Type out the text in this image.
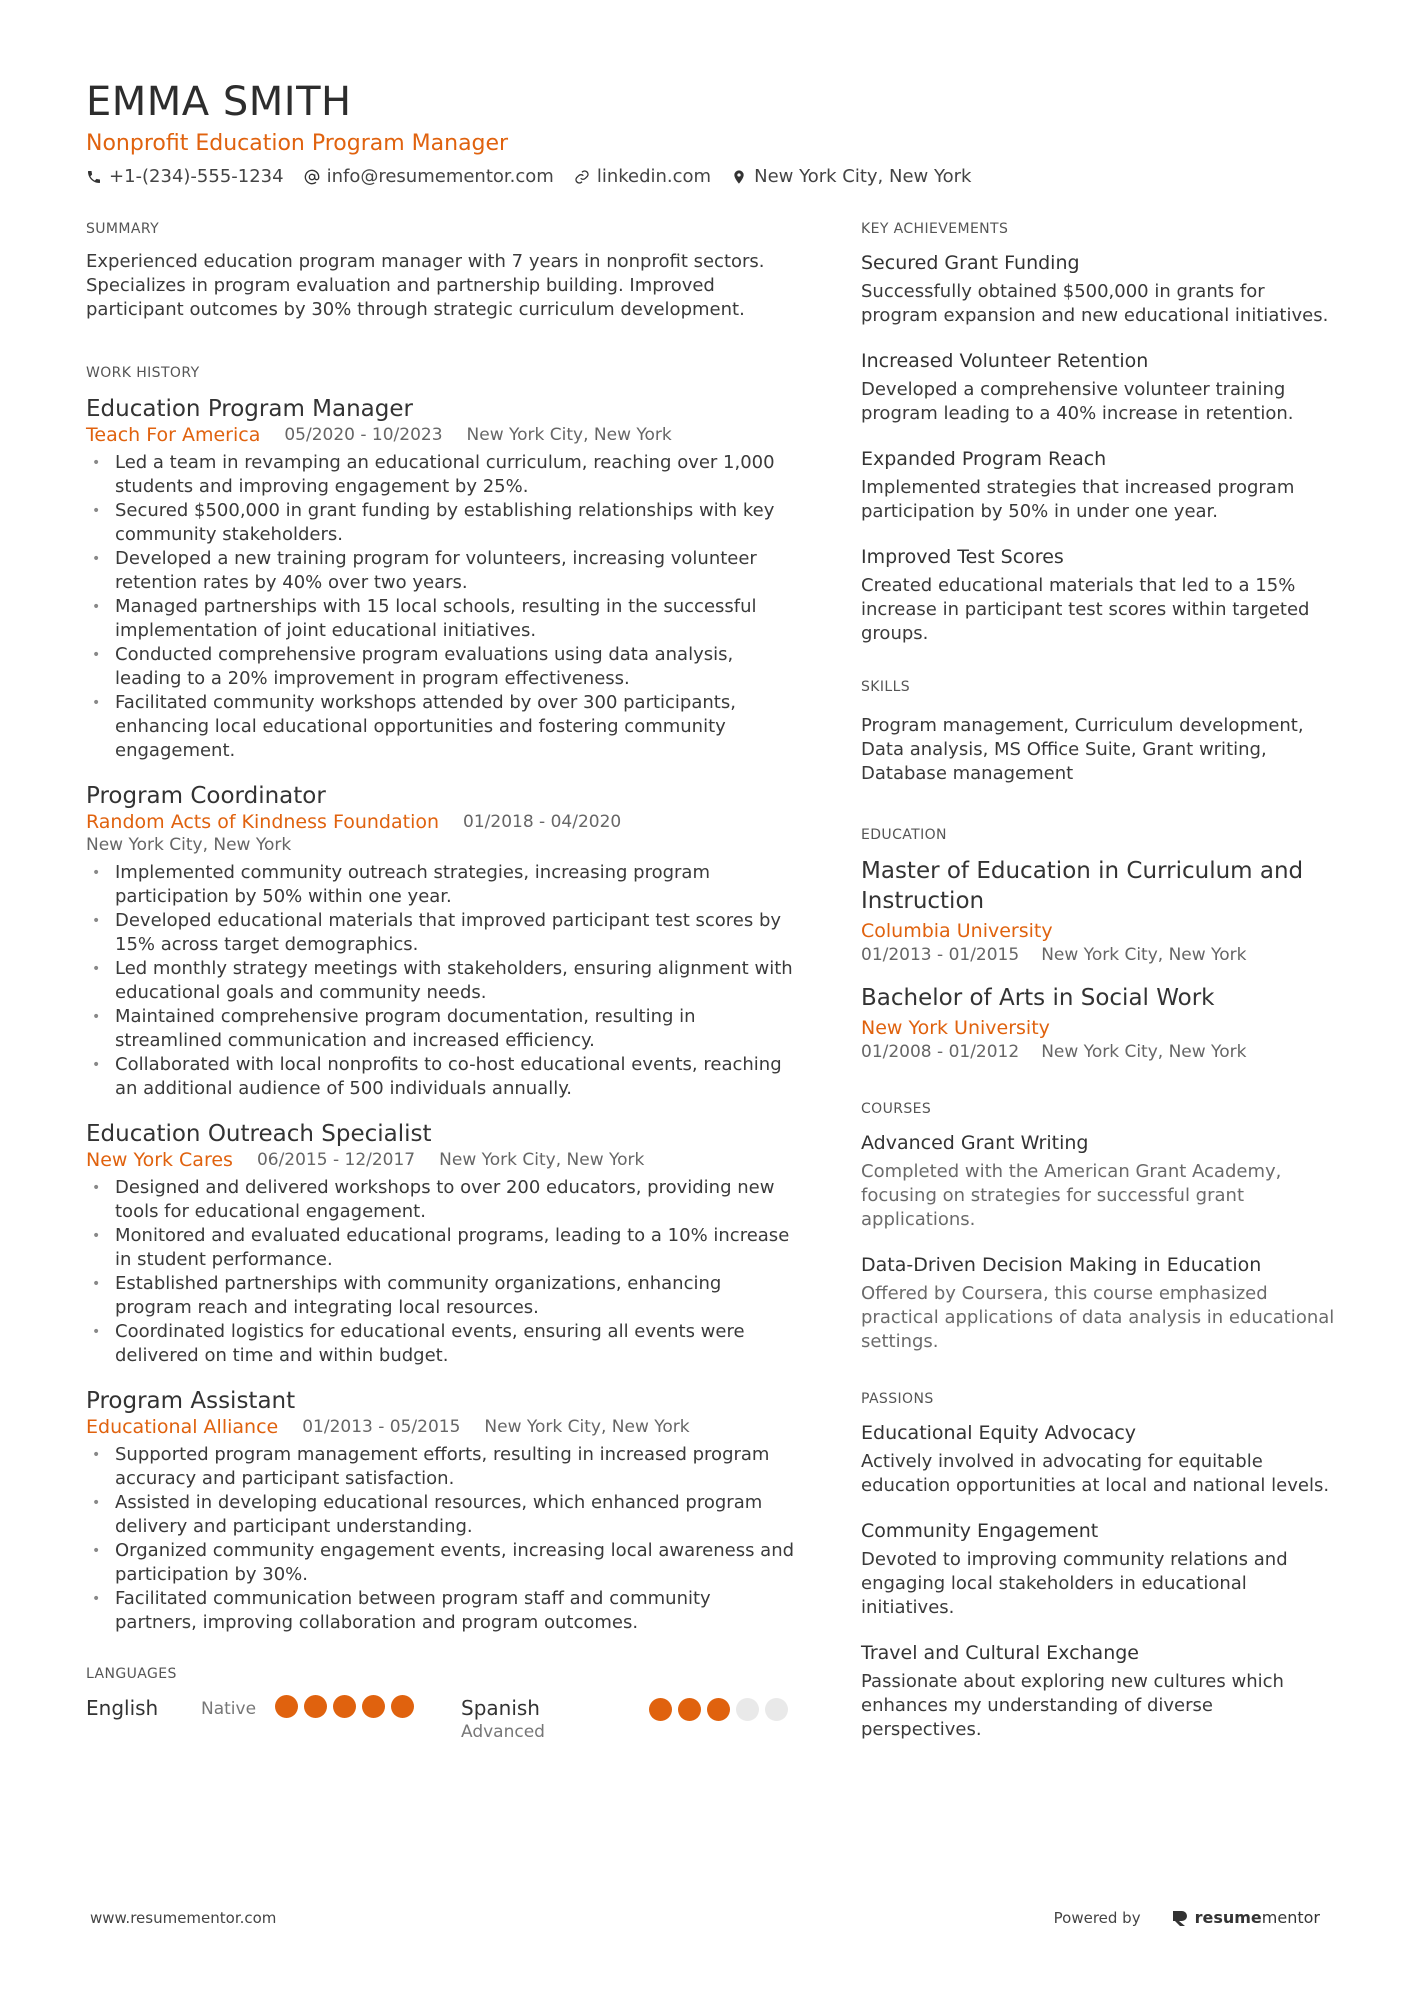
EMMA SMITH
Nonprofit Education Program Manager
+1-(234)-555-1234 info@resumementor.com linkedin.com New York City, New York
SUMMARY
Experienced education program manager with 7 years in nonprofit sectors. Specializes in program evaluation and partnership building. Improved participant outcomes by 30% through strategic curriculum development.
WORK HISTORY
Education Program Manager
Teach For America 05/2020 - 10/2023 New York City, New York
• Led a team in revamping an educational curriculum, reaching over 1,000 students and improving engagement by 25%.
• Secured $500,000 in grant funding by establishing relationships with key community stakeholders.
• Developed a new training program for volunteers, increasing volunteer retention rates by 40% over two years.
• Managed partnerships with 15 local schools, resulting in the successful implementation of joint educational initiatives.
• Conducted comprehensive program evaluations using data analysis, leading to a 20% improvement in program effectiveness.
• Facilitated community workshops attended by over 300 participants, enhancing local educational opportunities and fostering community engagement.
Program Coordinator
Random Acts of Kindness Foundation 01/2018 - 04/2020
New York City, New York
• Implemented community outreach strategies, increasing program participation by 50% within one year.
• Developed educational materials that improved participant test scores by 15% across target demographics.
• Led monthly strategy meetings with stakeholders, ensuring alignment with educational goals and community needs.
• Maintained comprehensive program documentation, resulting in streamlined communication and increased efficiency.
• Collaborated with local nonprofits to co-host educational events, reaching an additional audience of 500 individuals annually.
Education Outreach Specialist
New York Cares 06/2015 - 12/2017 New York City, New York
• Designed and delivered workshops to over 200 educators, providing new tools for educational engagement.
• Monitored and evaluated educational programs, leading to a 10% increase in student performance.
• Established partnerships with community organizations, enhancing program reach and integrating local resources.
• Coordinated logistics for educational events, ensuring all events were delivered on time and within budget.
Program Assistant
Educational Alliance 01/2013 - 05/2015 New York City, New York
• Supported program management efforts, resulting in increased program accuracy and participant satisfaction.
• Assisted in developing educational resources, which enhanced program delivery and participant understanding.
• Organized community engagement events, increasing local awareness and participation by 30%.
• Facilitated communication between program staff and community partners, improving collaboration and program outcomes.
LANGUAGES
English	Native	Spanish
Advanced
KEY ACHIEVEMENTS
Secured Grant Funding
Successfully obtained $500,000 in grants for program expansion and new educational initiatives.
Increased Volunteer Retention
Developed a comprehensive volunteer training program leading to a 40% increase in retention.
Expanded Program Reach
Implemented strategies that increased program participation by 50% in under one year.
Improved Test Scores
Created educational materials that led to a 15% increase in participant test scores within targeted groups.
SKILLS
Program management, Curriculum development, Data analysis, MS Office Suite, Grant writing, Database management
EDUCATION
Master of Education in Curriculum and Instruction
Columbia University
01/2013 - 01/2015 New York City, New York
Bachelor of Arts in Social Work
New York University
01/2008 - 01/2012 New York City, New York
COURSES
Advanced Grant Writing
Completed with the American Grant Academy, focusing on strategies for successful grant applications.
Data-Driven Decision Making in Education
Offered by Coursera, this course emphasized practical applications of data analysis in educational settings.
PASSIONS
Educational Equity Advocacy
Actively involved in advocating for equitable education opportunities at local and national levels.
Community Engagement
Devoted to improving community relations and engaging local stakeholders in educational initiatives.
Travel and Cultural Exchange
Passionate about exploring new cultures which enhances my understanding of diverse perspectives.
www.resumementor.com	Powered by	resumementor
